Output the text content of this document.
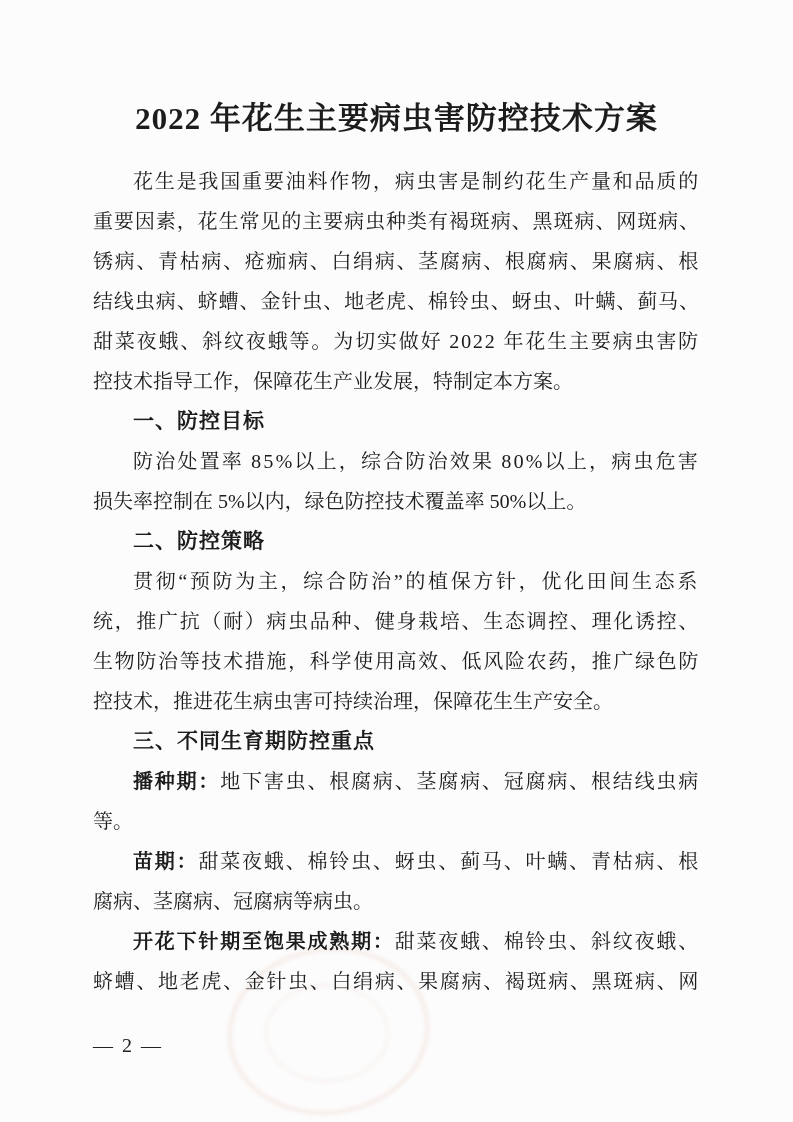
2022 年花生主要病虫害防控技术方案
花生是我国重要油料作物，病虫害是制约花生产量和品质的
重要因素，花生常见的主要病虫种类有褐斑病、黑斑病、网斑病、
锈病、青枯病、疮痂病、白绢病、茎腐病、根腐病、果腐病、根
结线虫病、蛴螬、金针虫、地老虎、棉铃虫、蚜虫、叶螨、蓟马、
甜菜夜蛾、斜纹夜蛾等。为切实做好 2022 年花生主要病虫害防
控技术指导工作，保障花生产业发展，特制定本方案。
一、防控目标
防治处置率 85%以上，综合防治效果 80%以上，病虫危害
损失率控制在 5%以内，绿色防控技术覆盖率 50%以上。
二、防控策略
贯彻“预防为主，综合防治”的植保方针，优化田间生态系
统，推广抗（耐）病虫品种、健身栽培、生态调控、理化诱控、
生物防治等技术措施，科学使用高效、低风险农药，推广绿色防
控技术，推进花生病虫害可持续治理，保障花生生产安全。
三、不同生育期防控重点
播种期：地下害虫、根腐病、茎腐病、冠腐病、根结线虫病
等。
苗期：甜菜夜蛾、棉铃虫、蚜虫、蓟马、叶螨、青枯病、根
腐病、茎腐病、冠腐病等病虫。
开花下针期至饱果成熟期：甜菜夜蛾、棉铃虫、斜纹夜蛾、
蛴螬、地老虎、金针虫、白绢病、果腐病、褐斑病、黑斑病、网
— 2 —
